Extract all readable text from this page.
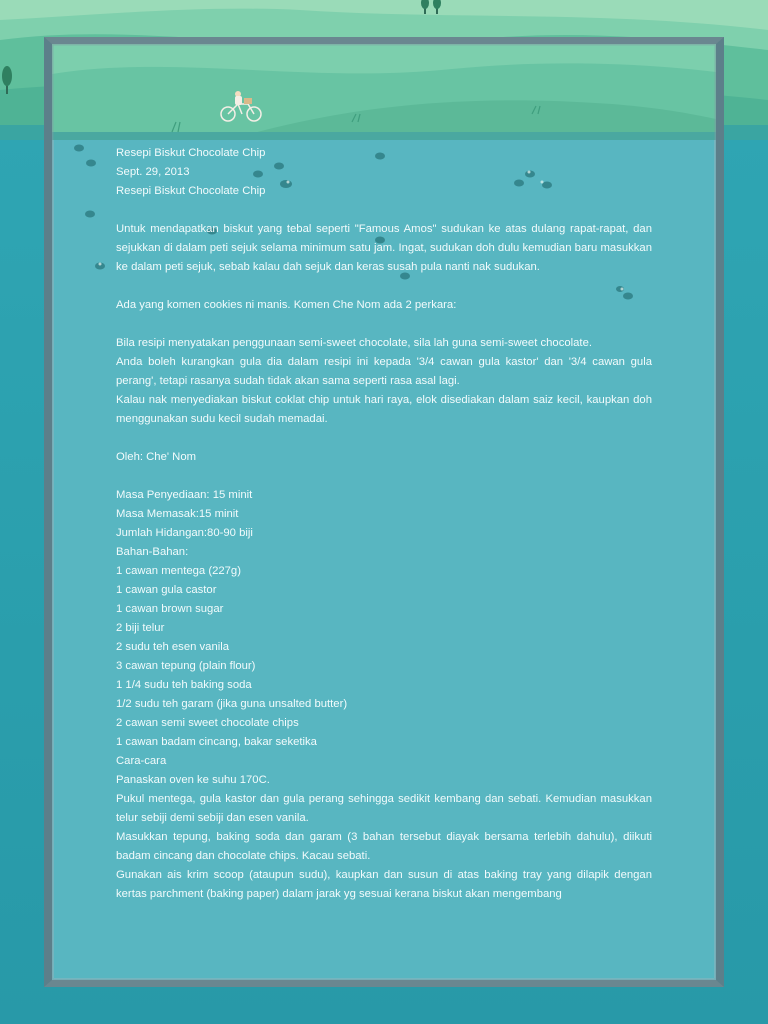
Resepi Biskut Chocolate Chip

Sept. 29, 2013

Resepi Biskut Chocolate Chip

Untuk mendapatkan biskut yang tebal seperti "Famous Amos" sudukan ke atas dulang rapat-rapat, dan sejukkan di dalam peti sejuk selama minimum satu jam. Ingat, sudukan doh dulu kemudian baru masukkan ke dalam peti sejuk, sebab kalau dah sejuk dan keras susah pula nanti nak sudukan.

Ada yang komen cookies ni manis. Komen Che Nom ada 2 perkara:

Bila resipi menyatakan penggunaan semi-sweet chocolate, sila lah guna semi-sweet chocolate.

Anda boleh kurangkan gula dia dalam resipi ini kepada '3/4 cawan gula kastor' dan '3/4 cawan gula perang', tetapi rasanya sudah tidak akan sama seperti rasa asal lagi.

Kalau nak menyediakan biskut coklat chip untuk hari raya, elok disediakan dalam saiz kecil, kaupkan doh menggunakan sudu kecil sudah memadai.

Oleh: Che' Nom

Masa Penyediaan: 15 minit

Masa Memasak:15 minit

Jumlah Hidangan:80-90 biji

Bahan-Bahan:

1 cawan mentega (227g)

1 cawan gula castor

1 cawan brown sugar

2 biji telur

2 sudu teh esen vanila

3 cawan tepung (plain flour)

1 1/4 sudu teh baking soda

1/2 sudu teh garam (jika guna unsalted butter)

2 cawan semi sweet chocolate chips

1 cawan badam cincang, bakar seketika

Cara-cara

Panaskan oven ke suhu 170C.

Pukul mentega, gula kastor dan gula perang sehingga sedikit kembang dan sebati. Kemudian masukkan telur sebiji demi sebiji dan esen vanila.

Masukkan tepung, baking soda dan garam (3 bahan tersebut diayak bersama terlebih dahulu), diikuti badam cincang dan chocolate chips. Kacau sebati.

Gunakan ais krim scoop (ataupun sudu), kaupkan dan susun di atas baking tray yang dilapik dengan kertas parchment (baking paper) dalam jarak yg sesuai kerana biskut akan mengembang
